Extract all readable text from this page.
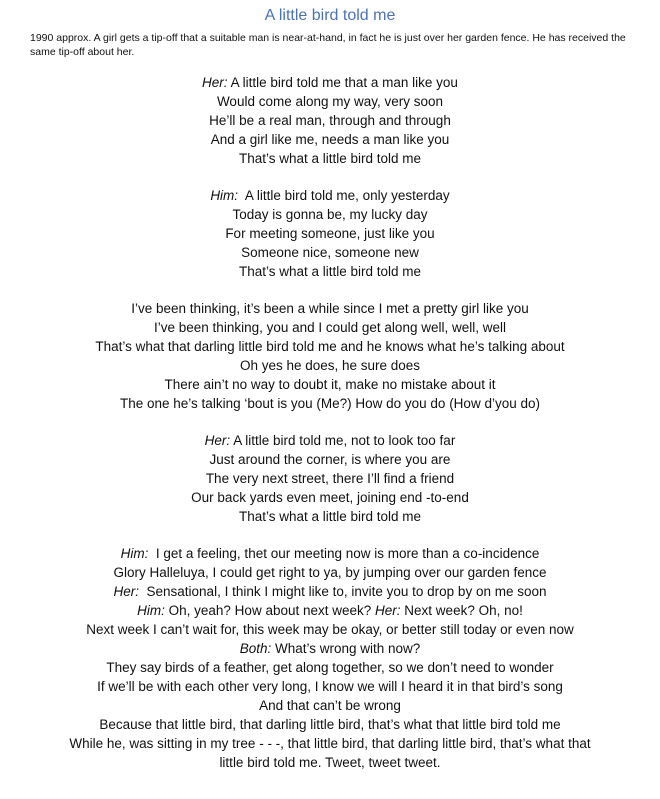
A little bird told me
1990 approx. A girl gets a tip-off that a suitable man is near-at-hand, in fact he is just over her garden fence. He has received the same tip-off about her.
Her: A little bird told me that a man like you
Would come along my way, very soon
He’ll be a real man, through and through
And a girl like me, needs a man like you
That’s what a little bird told me
Him:  A little bird told me, only yesterday
Today is gonna be, my lucky day
For meeting someone, just like you
Someone nice, someone new
That’s what a little bird told me
I’ve been thinking, it’s been a while since I met a pretty girl like you
I’ve been thinking, you and I could get along well, well, well
That’s what that darling little bird told me and he knows what he’s talking about
Oh yes he does, he sure does
There ain’t no way to doubt it, make no mistake about it
The one he’s talking ‘bout is you (Me?) How do you do (How d’you do)
Her: A little bird told me, not to look too far
Just around the corner, is where you are
The very next street, there I’ll find a friend
Our back yards even meet, joining end -to-end
That’s what a little bird told me
Him:  I get a feeling, thet our meeting now is more than a co-incidence
Glory Halleluya, I could get right to ya, by jumping over our garden fence
Her:  Sensational, I think I might like to, invite you to drop by on me soon
Him: Oh, yeah? How about next week? Her: Next week? Oh, no!
Next week I can’t wait for, this week may be okay, or better still today or even now
Both: What’s wrong with now?
They say birds of a feather, get along together, so we don’t need to wonder
If we’ll be with each other very long, I know we will I heard it in that bird’s song
And that can’t be wrong
Because that little bird, that darling little bird, that’s what that little bird told me
While he, was sitting in my tree - - -, that little bird, that darling little bird, that’s what that
little bird told me. Tweet, tweet tweet.
